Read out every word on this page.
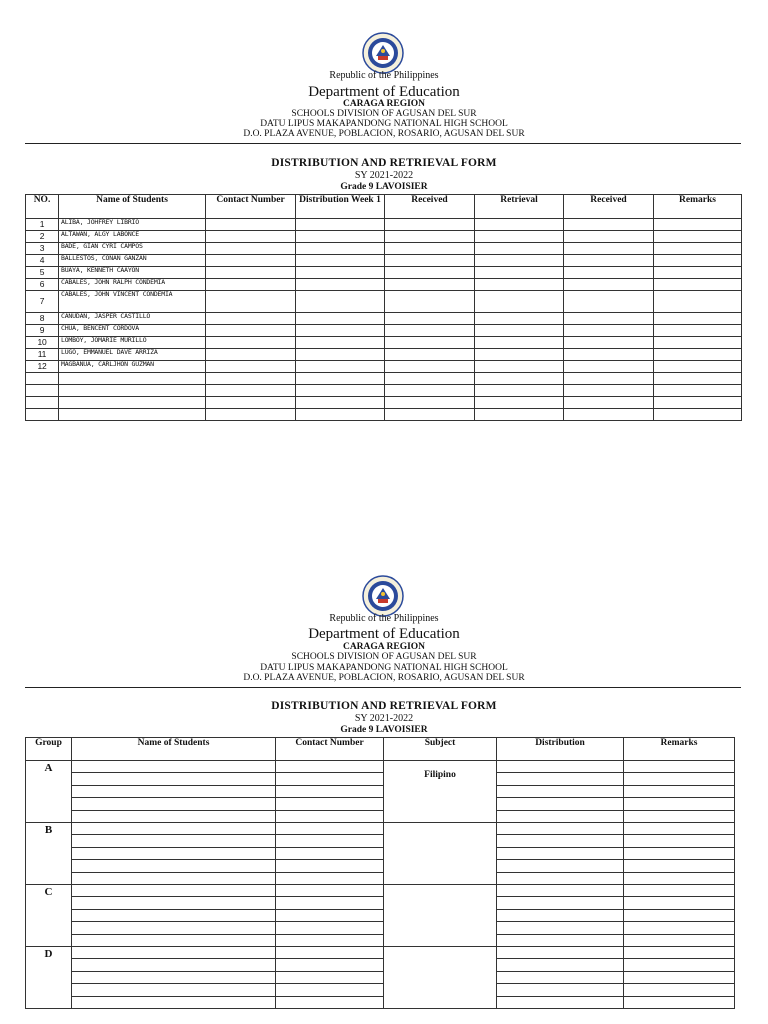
Republic of the Philippines
Department of Education
CARAGA REGION
SCHOOLS DIVISION OF AGUSAN DEL SUR
DATU LIPUS MAKAPANDONG NATIONAL HIGH SCHOOL
D.O. PLAZA AVENUE, POBLACION, ROSARIO, AGUSAN DEL SUR
DISTRIBUTION AND RETRIEVAL FORM
SY 2021-2022
Grade 9 LAVOISIER
NO.	Name of Students	Contact Number	Distribution Week 1	Received	Retrieval	Received	Remarks
1	ALIBA, JOHFREY LIBRIO						
2	ALTAWAN, ALGY LABONCE						
3	BADE, GIAN CYRI CAMPOS						
4	BALLESTOS, CONAN GANZAN						
5	BUAYA, KENNETH CAAYON						
6	CABALES, JOHN RALPH CONDEMIA						
7	CABALES, JOHN VINCENT CONDEMIA						
8	CANUDAN, JASPER CASTILLO						
9	CHUA, BENCENT CORDOVA						
10	LOMBOY, JOMARIE MURILLO						
11	LUGO, EMMANUEL DAVE ARRIZA						
12	MAGBANUA, CARLJHON GUZMAN						

Republic of the Philippines
Department of Education
CARAGA REGION
SCHOOLS DIVISION OF AGUSAN DEL SUR
DATU LIPUS MAKAPANDONG NATIONAL HIGH SCHOOL
D.O. PLAZA AVENUE, POBLACION, ROSARIO, AGUSAN DEL SUR
DISTRIBUTION AND RETRIEVAL FORM
SY 2021-2022
Grade 9 LAVOISIER
Group	Name of Students	Contact Number	Subject	Distribution	Remarks
A			Filipino		

B					

C					

D					
